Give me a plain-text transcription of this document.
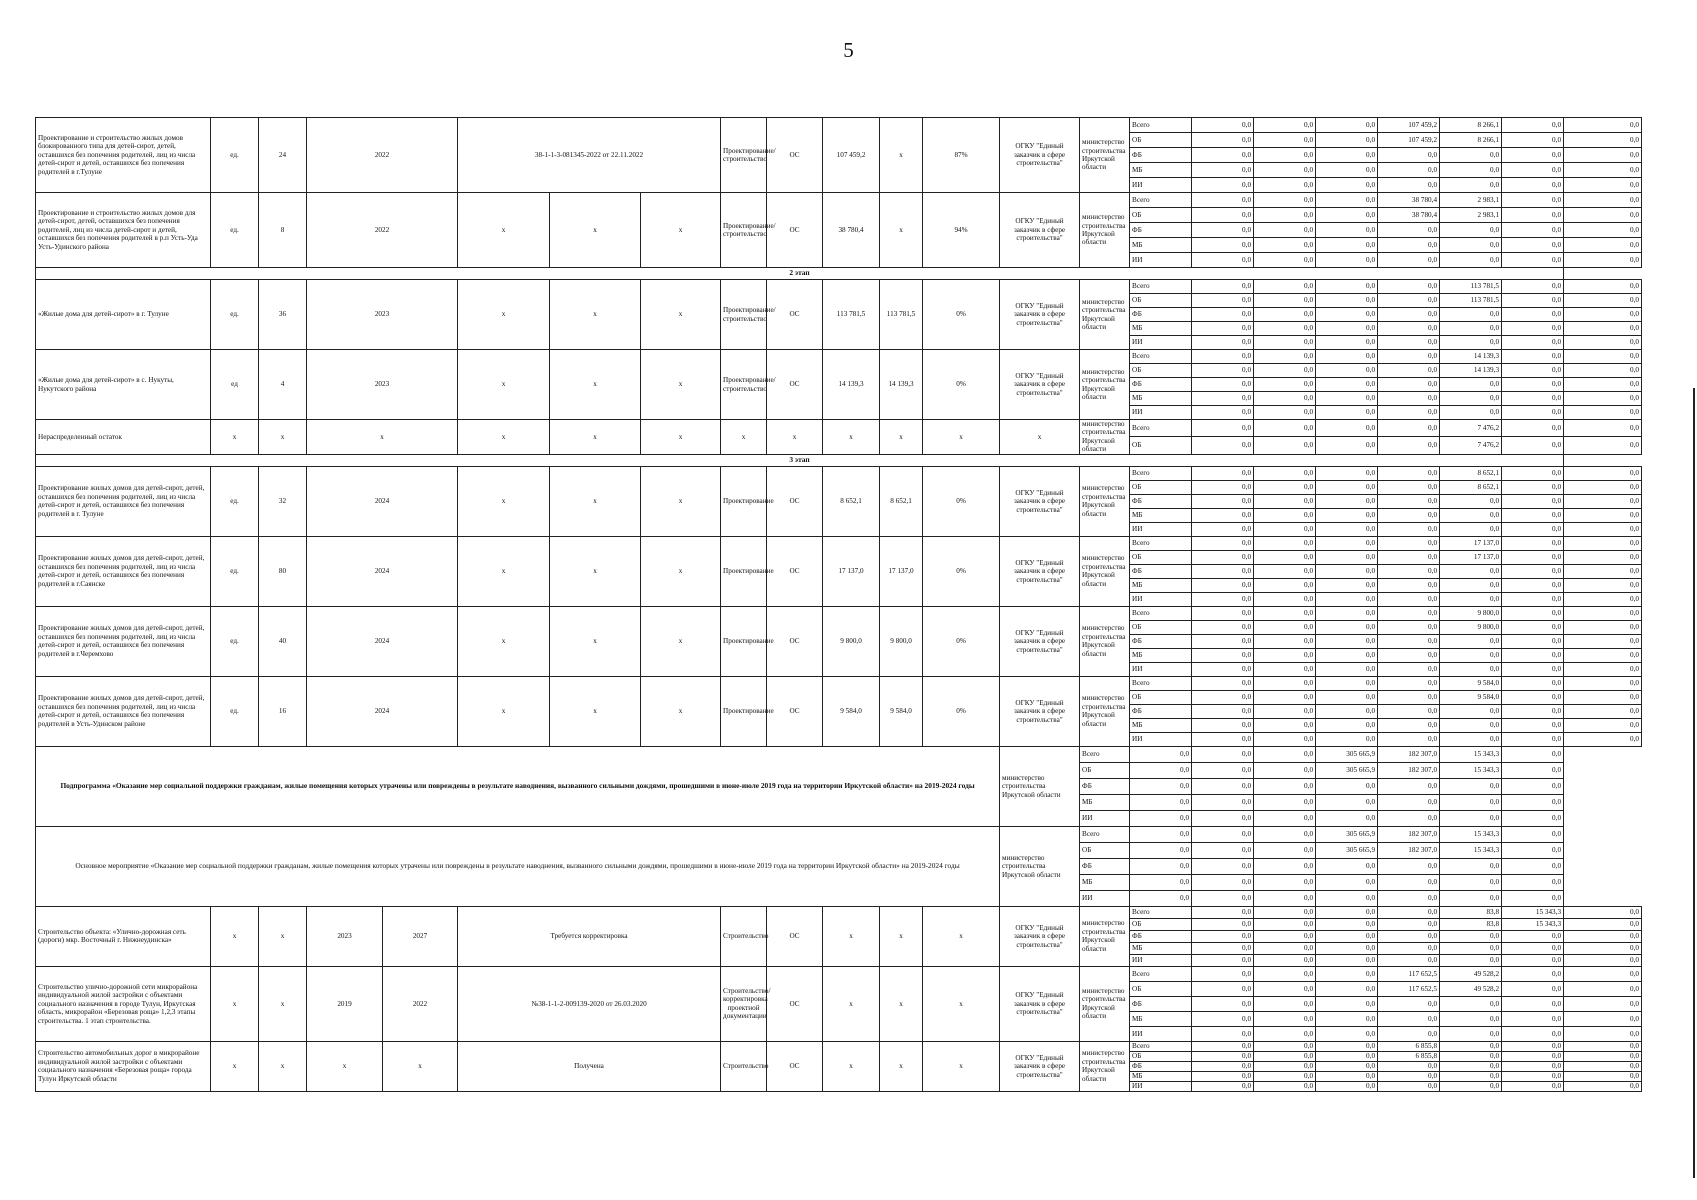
5
Проектирование и строительство жилых домов блокированного типа для детей-сирот, детей, оставшихся без попечения родителей, лиц из числа детей-сирот и детей, оставшихся без попечения родителей в г.Тулуне	ед.	24	2022		38-1-1-3-081345-2022 от 22.11.2022			Проектирование/строительство	ОС	107 459,2	x	87%	ОГКУ "Единый заказчик в сфере строительства"	министерство строительства Иркутской области	Всего	0,0	0,0	0,0	107 459,2	8 266,1	0,0	0,0
															ОБ	0,0	0,0	0,0	107 459,2	8 266,1	0,0	0,0
															ФБ	0,0	0,0	0,0	0,0	0,0	0,0	0,0
															МБ	0,0	0,0	0,0	0,0	0,0	0,0	0,0
															ИИ	0,0	0,0	0,0	0,0	0,0	0,0	0,0
Проектирование и строительство жилых домов для детей-сирот, детей, оставшихся без попечения родителей, лиц из числа детей-сирот и детей, оставшихся без попечения родителей в р.п Усть-Уда Усть-Удинского района	ед.	8	2022		x	x	x	Проектирование/строительство	ОС	38 780,4	x	94%	ОГКУ "Единый заказчик в сфере строительства"	министерство строительства Иркутской области	Всего	0,0	0,0	0,0	38 780,4	2 983,1	0,0	0,0
															ОБ	0,0	0,0	0,0	38 780,4	2 983,1	0,0	0,0
															ФБ	0,0	0,0	0,0	0,0	0,0	0,0	0,0
															МБ	0,0	0,0	0,0	0,0	0,0	0,0	0,0
															ИИ	0,0	0,0	0,0	0,0	0,0	0,0	0,0
2 этап																						
«Жилые дома для детей-сирот» в г. Тулуне	ед.	36	2023		x	x	x	Проектирование/строительство	ОС	113 781,5	113 781,5	0%	ОГКУ "Единый заказчик в сфере строительства"	министерство строительства Иркутской области	Всего	0,0	0,0	0,0	0,0	113 781,5	0,0	0,0
															ОБ	0,0	0,0	0,0	0,0	113 781,5	0,0	0,0
															ФБ	0,0	0,0	0,0	0,0	0,0	0,0	0,0
															МБ	0,0	0,0	0,0	0,0	0,0	0,0	0,0
															ИИ	0,0	0,0	0,0	0,0	0,0	0,0	0,0
«Жилые дома для детей-сирот» в с. Нукуты, Нукутского района	ед	4	2023		x	x	x	Проектирование/строительство	ОС	14 139,3	14 139,3	0%	ОГКУ "Единый заказчик в сфере строительства"	министерство строительства Иркутской области	Всего	0,0	0,0	0,0	0,0	14 139,3	0,0	0,0
															ОБ	0,0	0,0	0,0	0,0	14 139,3	0,0	0,0
															ФБ	0,0	0,0	0,0	0,0	0,0	0,0	0,0
															МБ	0,0	0,0	0,0	0,0	0,0	0,0	0,0
															ИИ	0,0	0,0	0,0	0,0	0,0	0,0	0,0
Нераспределенный остаток	x	x	x		x	x	x	x	x	x	x	x	x	министерство строительства Иркутской области	Всего	0,0	0,0	0,0	0,0	7 476,2	0,0	0,0
															ОБ	0,0	0,0	0,0	0,0	7 476,2	0,0	0,0
3 этап																						
Проектирование жилых домов для детей-сирот, детей, оставшихся без попечения родителей, лиц из числа детей-сирот и детей, оставшихся без попечения родителей в г. Тулуне	ед.	32	2024		x	x	x	Проектирование	ОС	8 652,1	8 652,1	0%	ОГКУ "Единый заказчик в сфере строительства"	министерство строительства Иркутской области	Всего	0,0	0,0	0,0	0,0	8 652,1	0,0	0,0
															ОБ	0,0	0,0	0,0	0,0	8 652,1	0,0	0,0
															ФБ	0,0	0,0	0,0	0,0	0,0	0,0	0,0
															МБ	0,0	0,0	0,0	0,0	0,0	0,0	0,0
															ИИ	0,0	0,0	0,0	0,0	0,0	0,0	0,0
Проектирование жилых домов для детей-сирот, детей, оставшихся без попечения родителей, лиц из числа детей-сирот и детей, оставшихся без попечения родителей в г.Саянске	ед.	80	2024		x	x	x	Проектирование	ОС	17 137,0	17 137,0	0%	ОГКУ "Единый заказчик в сфере строительства"	министерство строительства Иркутской области	Всего	0,0	0,0	0,0	0,0	17 137,0	0,0	0,0
															ОБ	0,0	0,0	0,0	0,0	17 137,0	0,0	0,0
															ФБ	0,0	0,0	0,0	0,0	0,0	0,0	0,0
															МБ	0,0	0,0	0,0	0,0	0,0	0,0	0,0
															ИИ	0,0	0,0	0,0	0,0	0,0	0,0	0,0
Проектирование жилых домов для детей-сирот, детей, оставшихся без попечения родителей, лиц из числа детей-сирот и детей, оставшихся без попечения родителей в г.Черемхово	ед.	40	2024		x	x	x	Проектирование	ОС	9 800,0	9 800,0	0%	ОГКУ "Единый заказчик в сфере строительства"	министерство строительства Иркутской области	Всего	0,0	0,0	0,0	0,0	9 800,0	0,0	0,0
															ОБ	0,0	0,0	0,0	0,0	9 800,0	0,0	0,0
															ФБ	0,0	0,0	0,0	0,0	0,0	0,0	0,0
															МБ	0,0	0,0	0,0	0,0	0,0	0,0	0,0
															ИИ	0,0	0,0	0,0	0,0	0,0	0,0	0,0
Проектирование жилых домов для детей-сирот, детей, оставшихся без попечения родителей, лиц из числа детей-сирот и детей, оставшихся без попечения родителей в Усть-Удинском районе	ед.	16	2024		x	x	x	Проектирование	ОС	9 584,0	9 584,0	0%	ОГКУ "Единый заказчик в сфере строительства"	министерство строительства Иркутской области	Всего	0,0	0,0	0,0	0,0	9 584,0	0,0	0,0
															ОБ	0,0	0,0	0,0	0,0	9 584,0	0,0	0,0
															ФБ	0,0	0,0	0,0	0,0	0,0	0,0	0,0
															МБ	0,0	0,0	0,0	0,0	0,0	0,0	0,0
															ИИ	0,0	0,0	0,0	0,0	0,0	0,0	0,0
Подпрограмма «Оказание мер социальной поддержки гражданам, жилые помещения которых утрачены или повреждены в результате наводнения, вызванного сильными дождями, прошедшими в июне-июле 2019 года на территории Иркутской области» на 2019-2024 годы													министерство строительства Иркутской области	Всего	0,0	0,0	0,0	305 665,9	182 307,0	15 343,3	0,0	
														ОБ	0,0	0,0	0,0	305 665,9	182 307,0	15 343,3	0,0	
														ФБ	0,0	0,0	0,0	0,0	0,0	0,0	0,0	
														МБ	0,0	0,0	0,0	0,0	0,0	0,0	0,0	
														ИИ	0,0	0,0	0,0	0,0	0,0	0,0	0,0	
Основное мероприятие «Оказание мер социальной поддержки гражданам, жилые помещения которых утрачены или повреждены в результате наводнения, вызванного сильными дождями, прошедшими в июне-июле 2019 года на территории Иркутской области» на 2019-2024 годы													министерство строительства Иркутской области	Всего	0,0	0,0	0,0	305 665,9	182 307,0	15 343,3	0,0	
														ОБ	0,0	0,0	0,0	305 665,9	182 307,0	15 343,3	0,0	
														ФБ	0,0	0,0	0,0	0,0	0,0	0,0	0,0	
														МБ	0,0	0,0	0,0	0,0	0,0	0,0	0,0	
														ИИ	0,0	0,0	0,0	0,0	0,0	0,0	0,0	
Строительство объекта: «Улично-дорожная сеть (дороги) мкр. Восточный г. Нижнеудинска»	x	x	2023	2027	Требуется корректировка			Строительство	ОС	x	x	x	ОГКУ "Единый заказчик в сфере строительства"	министерство строительства Иркутской области	Всего	0,0	0,0	0,0	0,0	83,8	15 343,3	0,0
															ОБ	0,0	0,0	0,0	0,0	83,8	15 343,3	0,0
															ФБ	0,0	0,0	0,0	0,0	0,0	0,0	0,0
															МБ	0,0	0,0	0,0	0,0	0,0	0,0	0,0
															ИИ	0,0	0,0	0,0	0,0	0,0	0,0	0,0
Строительство улично-дорожной сети микрорайона индивидуальной жилой застройки с объектами социального назначения в городе Тулун, Иркутская область, микрорайон «Березовая роща» 1,2,3 этапы строительства. 1 этап строительства.	x	x	2019	2022	№38-1-1-2-009139-2020 от 26.03.2020			Строительство/ корректировка проектной документации	ОС	x	x	x	ОГКУ "Единый заказчик в сфере строительства"	министерство строительства Иркутской области	Всего	0,0	0,0	0,0	117 652,5	49 528,2	0,0	0,0
															ОБ	0,0	0,0	0,0	117 652,5	49 528,2	0,0	0,0
															ФБ	0,0	0,0	0,0	0,0	0,0	0,0	0,0
															МБ	0,0	0,0	0,0	0,0	0,0	0,0	0,0
															ИИ	0,0	0,0	0,0	0,0	0,0	0,0	0,0
Строительство автомобильных дорог в микрорайоне индивидуальной жилой застройки с объектами социального назначения «Березовая роща» города Тулун Иркутской области	x	x	x	x	Получена			Строительство	ОС	x	x	x	ОГКУ "Единый заказчик в сфере строительства"	министерство строительства Иркутской области	Всего	0,0	0,0	0,0	6 855,8	0,0	0,0	0,0
															ОБ	0,0	0,0	0,0	6 855,8	0,0	0,0	0,0
															ФБ	0,0	0,0	0,0	0,0	0,0	0,0	0,0
															МБ	0,0	0,0	0,0	0,0	0,0	0,0	0,0
															ИИ	0,0	0,0	0,0	0,0	0,0	0,0	0,0
